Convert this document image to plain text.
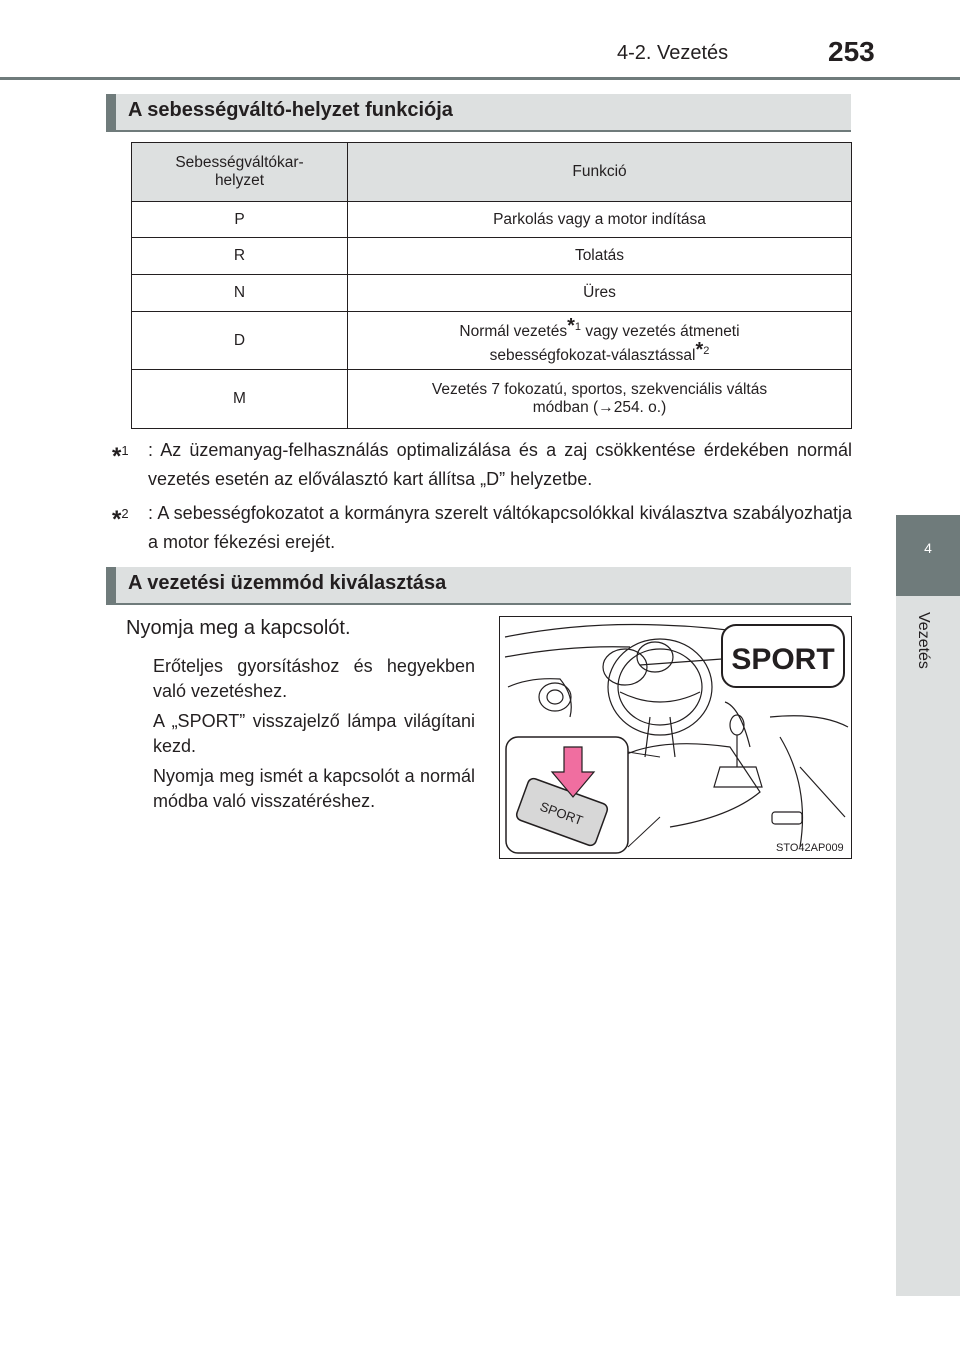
4-2. Vezetés	253
4
Vezetés
A sebességváltó-helyzet funkciója
Sebességváltókar-helyzet	Funkció
P	Parkolás vagy a motor indítása
R	Tolatás
N	Üres
D	Normál vezetés*$^1$ vagy vezetés átmeneti sebességfokozat-választással*$^2$

M	Vezetés 7 fokozatú, sportos, szekvenciális váltás módban (→254. o.)
*$^1$	: Az üzemanyag-felhasználás optimalizálása és a zaj csökkentése érdekében normál vezetés esetén az előválasztó kart állítsa „D” helyzetbe.
*$^2$	: A sebességfokozatot a kormányra szerelt váltókapcsolókkal kiválasztva szabályozhatja a motor fékezési erejét.
A vezetési üzemmód kiválasztása
Nyomja meg a kapcsolót.
Erőteljes gyorsításhoz és hegyekben való vezetéshez.
A „SPORT” visszajelző lámpa világítani kezd.
Nyomja meg ismét a kapcsolót a normál módba való visszatéréshez.
SPORT
SPORT
STO42AP009
